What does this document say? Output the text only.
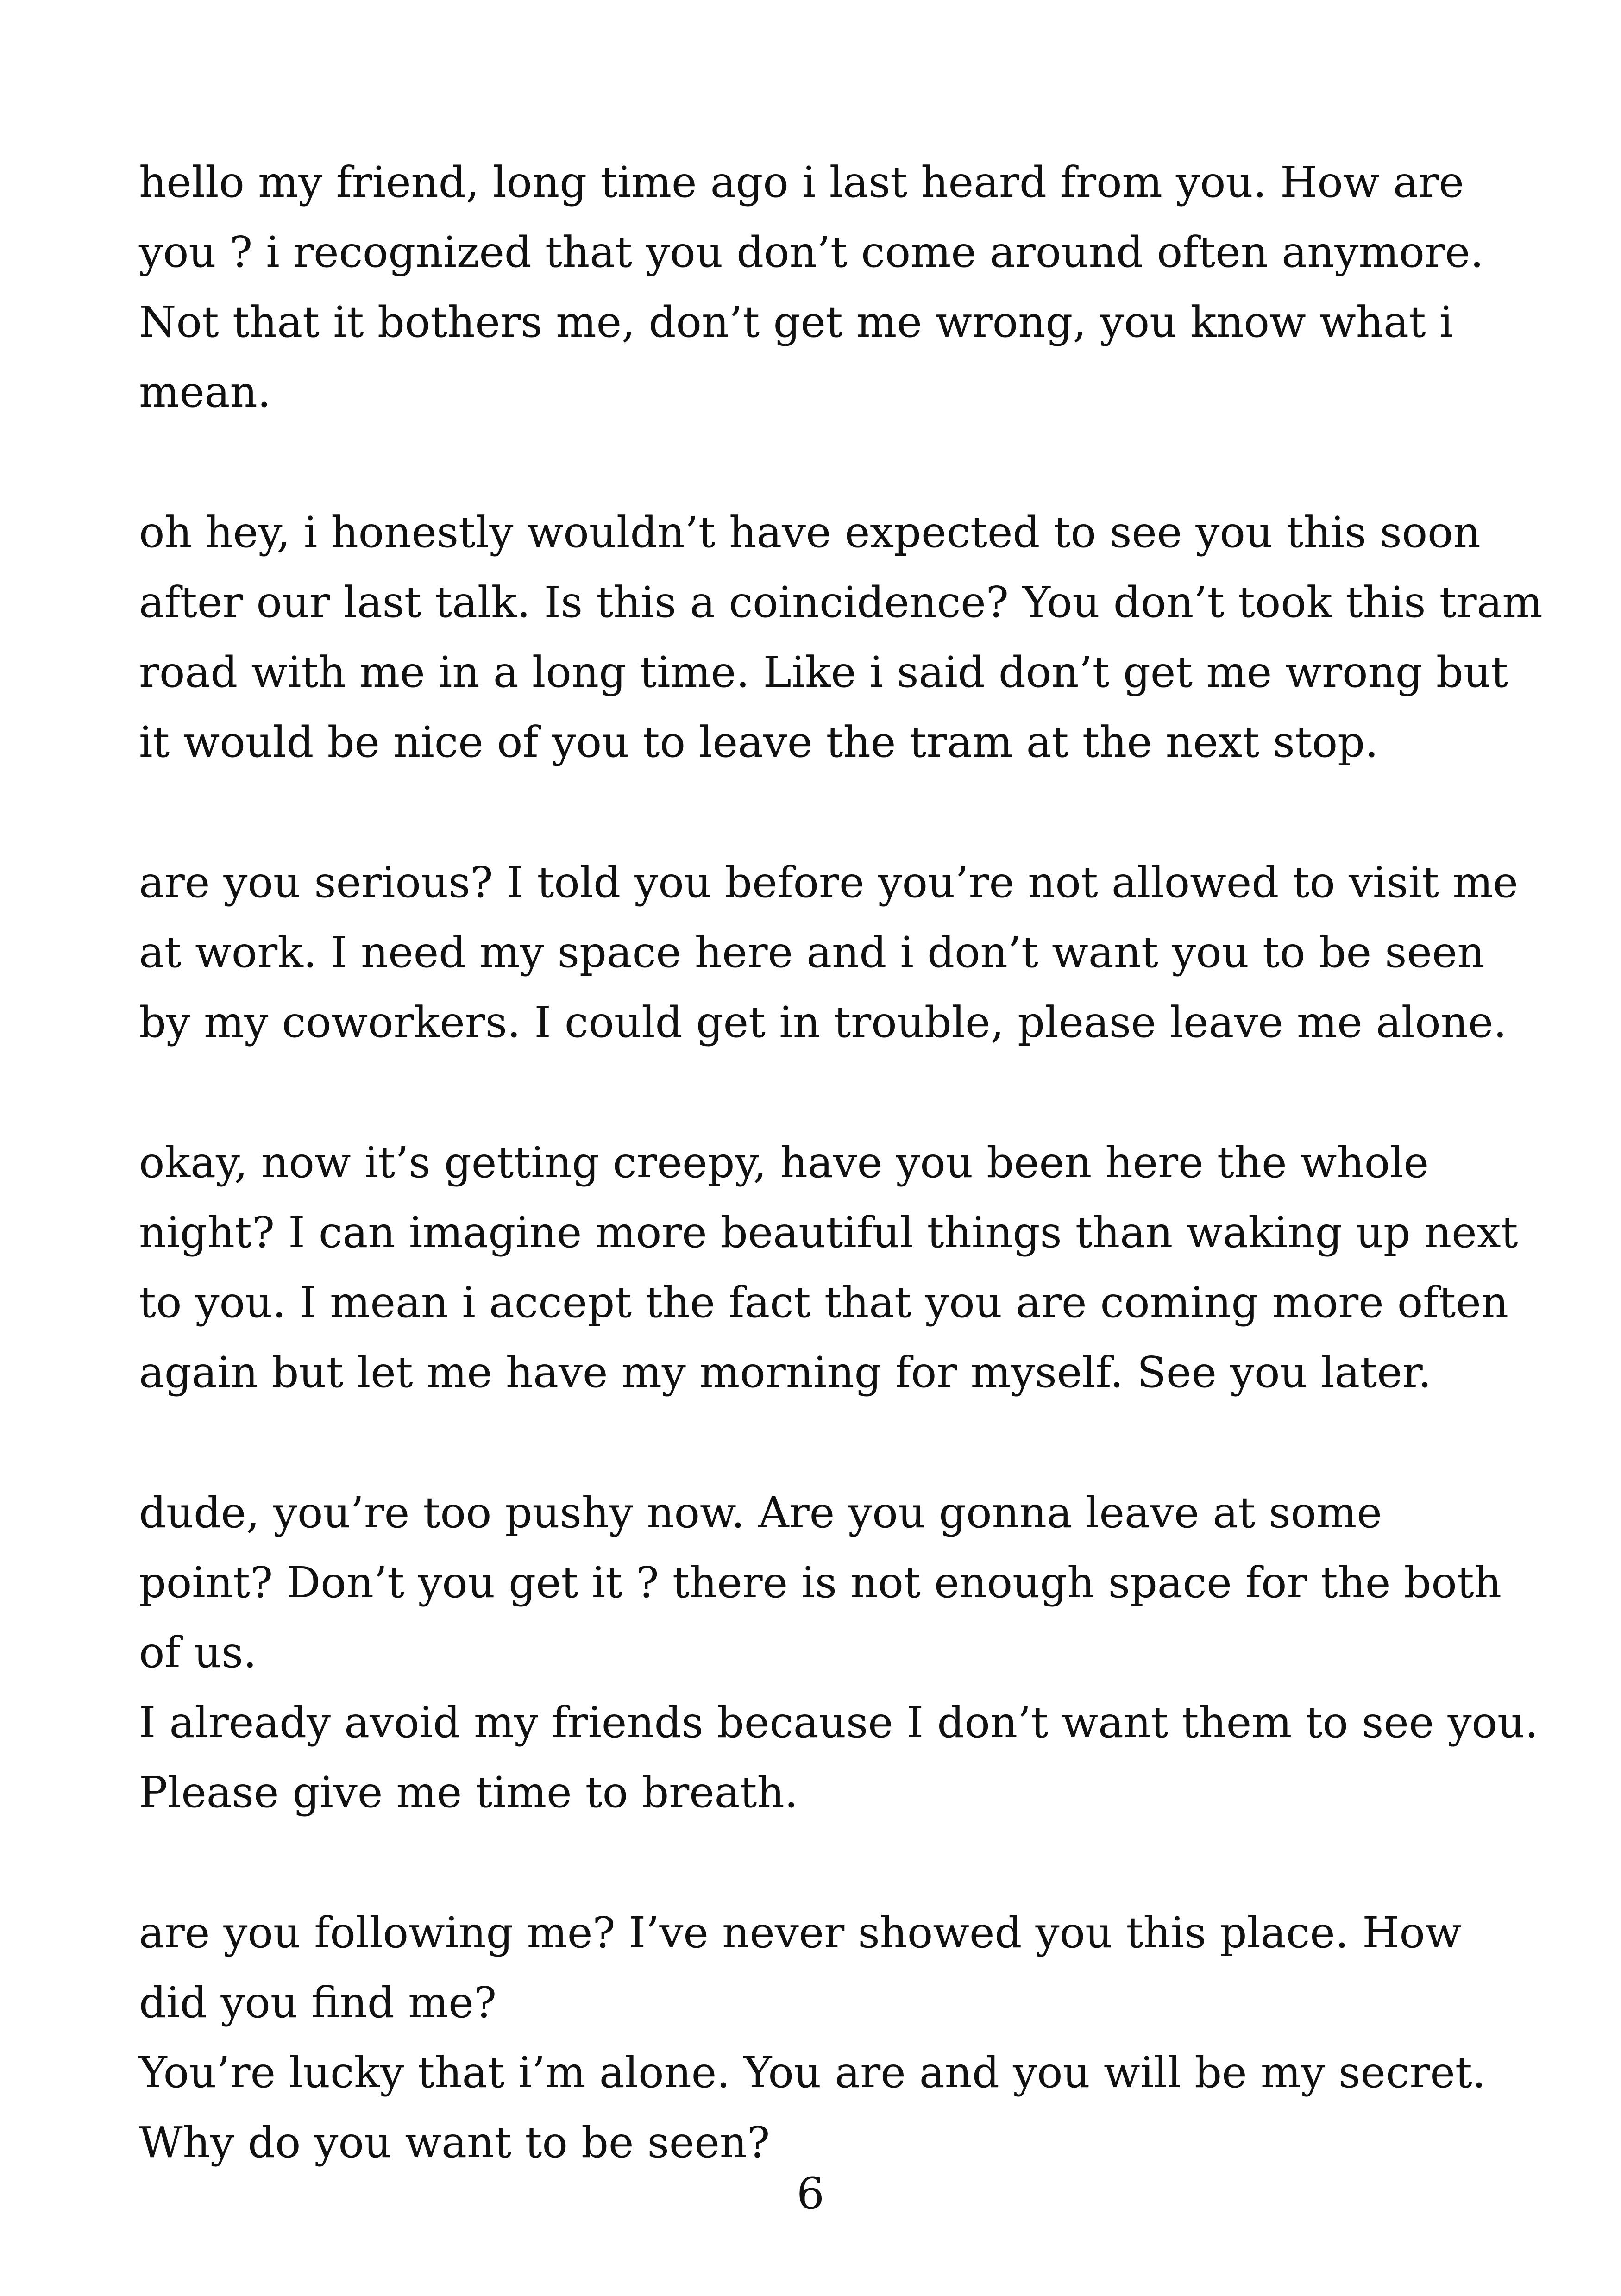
hello my friend, long time ago i last heard from you. How are
you ? i recognized that you don’t come around often anymore.
Not that it bothers me, don’t get me wrong, you know what i
mean.

oh hey, i honestly wouldn’t have expected to see you this soon
after our last talk. Is this a coincidence? You don’t took this tram
road with me in a long time. Like i said don’t get me wrong but
it would be nice of you to leave the tram at the next stop.

are you serious? I told you before you’re not allowed to visit me
at work. I need my space here and i don’t want you to be seen
by my coworkers. I could get in trouble, please leave me alone.

okay, now it’s getting creepy, have you been here the whole
night? I can imagine more beautiful things than waking up next
to you. I mean i accept the fact that you are coming more often
again but let me have my morning for myself. See you later.

dude, you’re too pushy now. Are you gonna leave at some
point? Don’t you get it ? there is not enough space for the both
of us.
I already avoid my friends because I don’t want them to see you.
Please give me time to breath.

are you following me? I’ve never showed you this place. How
did you find me?
You’re lucky that i’m alone. You are and you will be my secret.
Why do you want to be seen?

6
